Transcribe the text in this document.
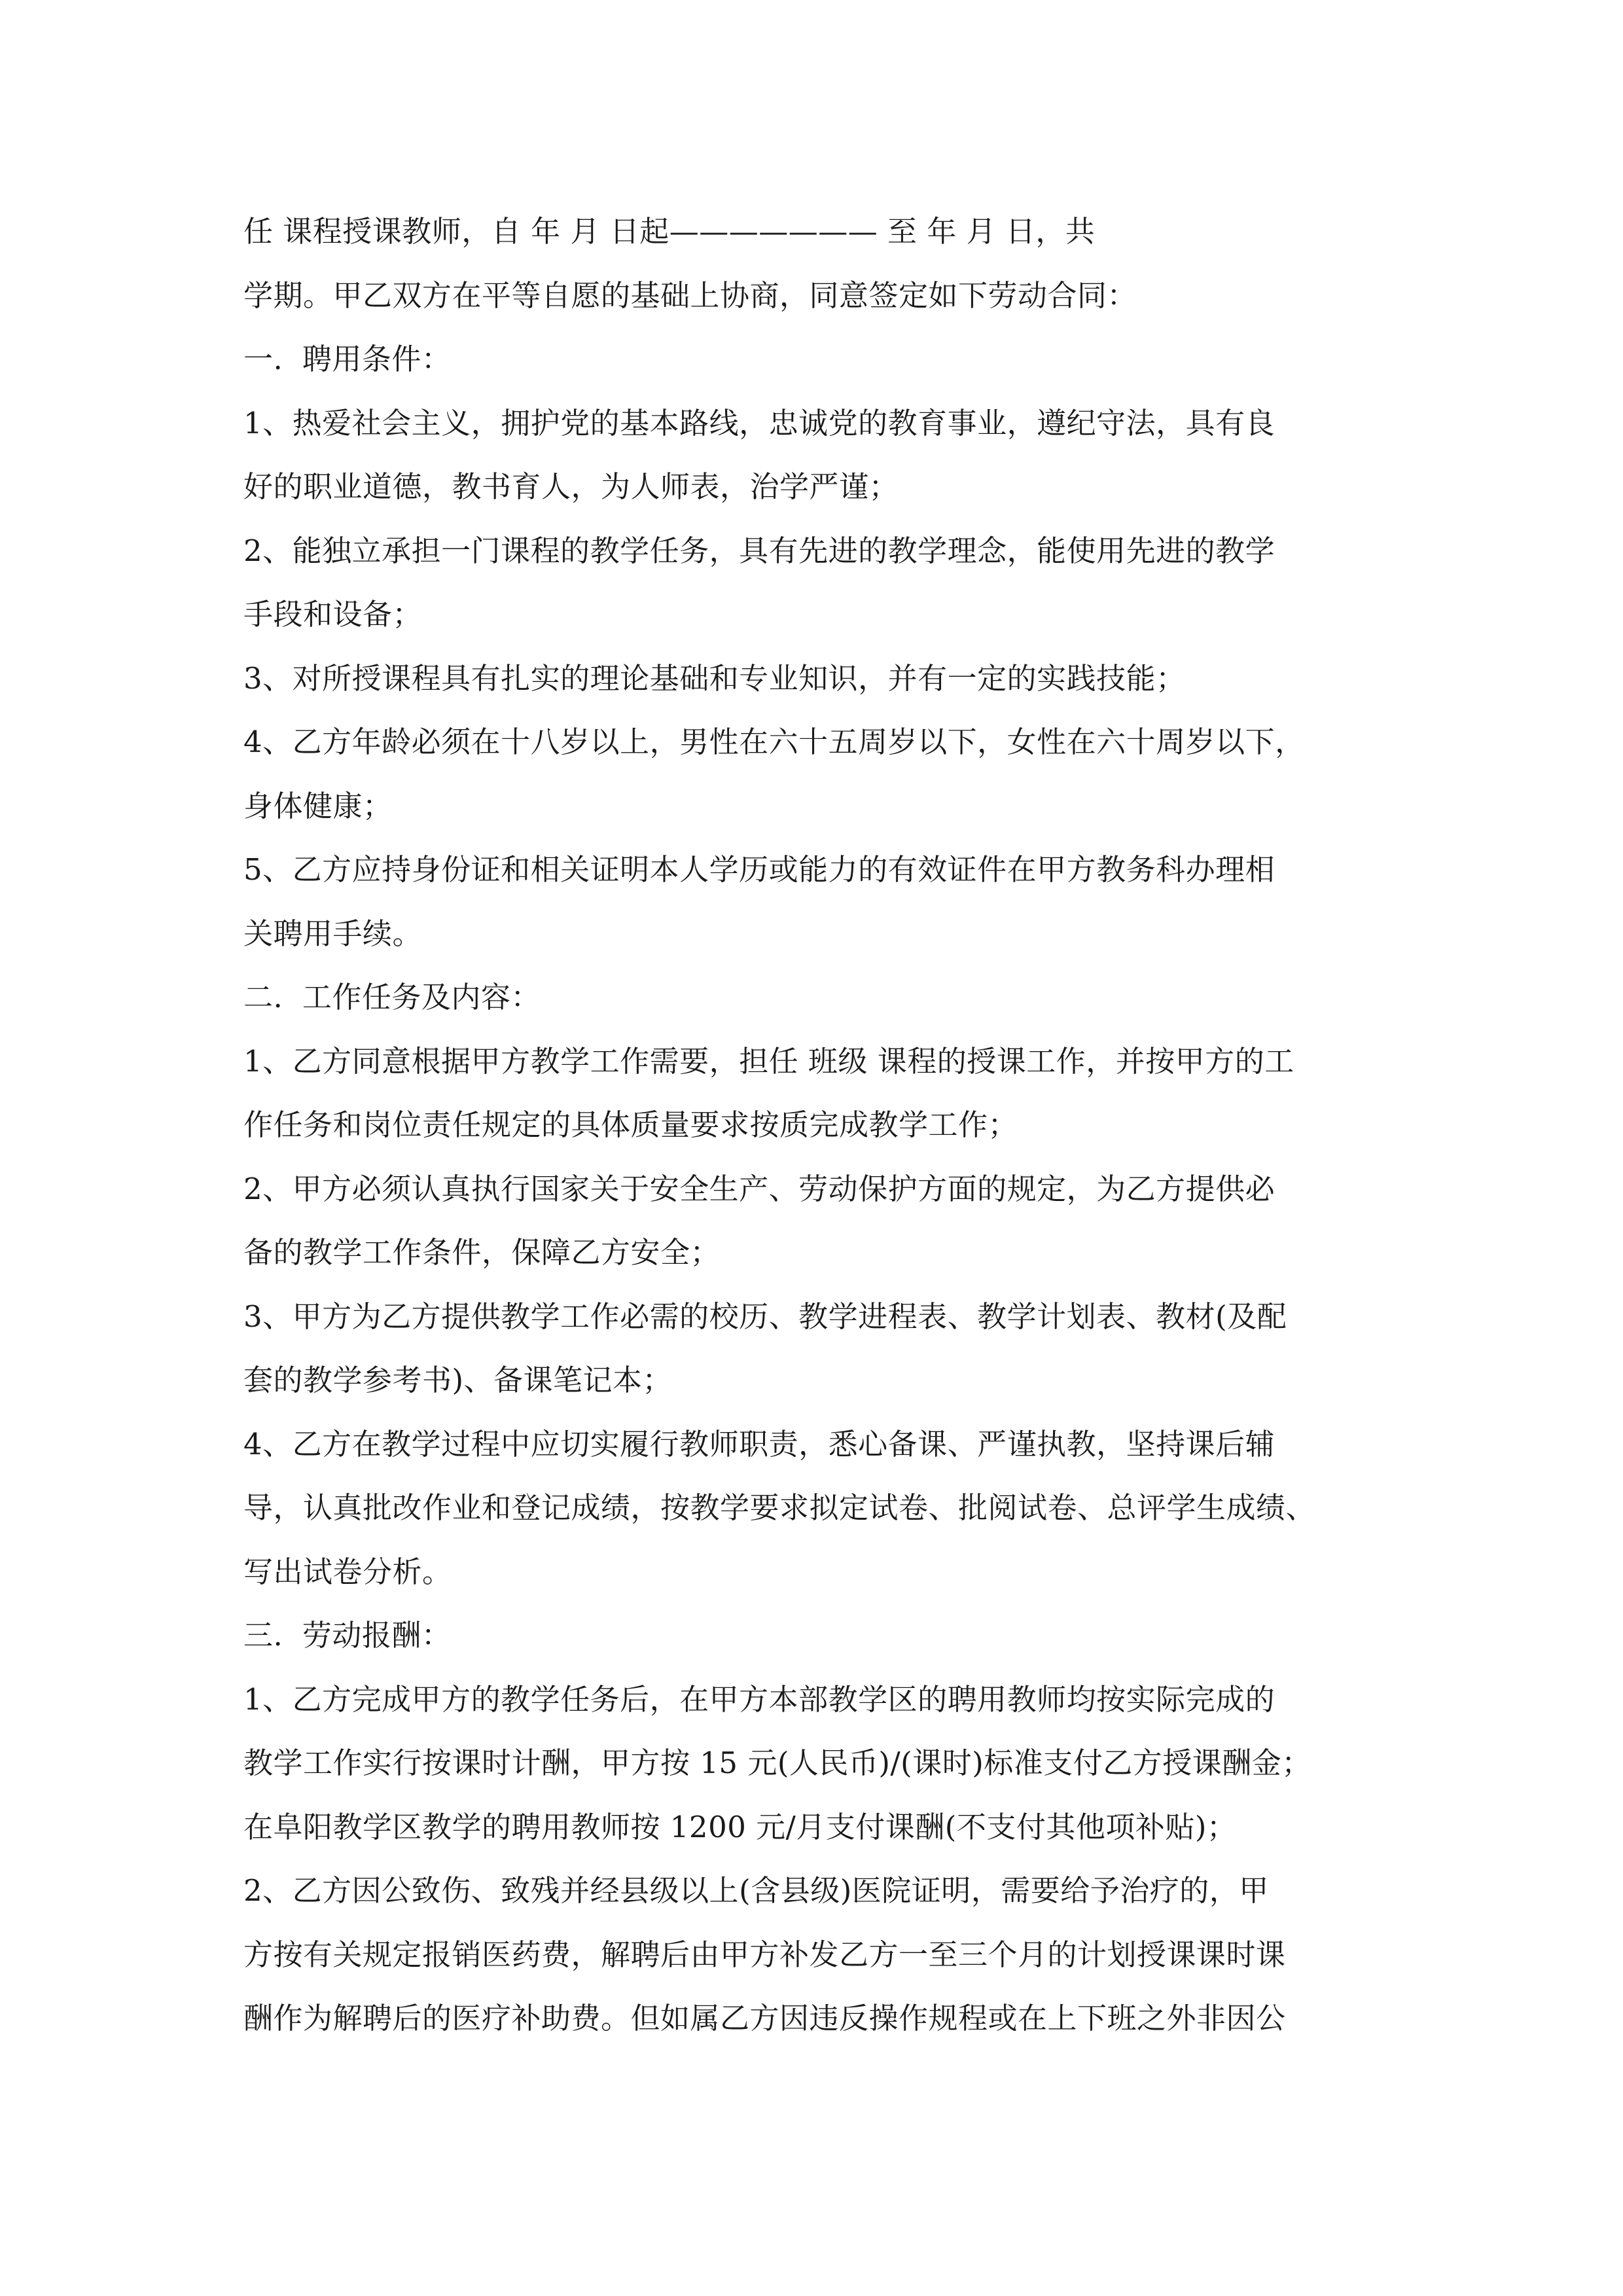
任 课程授课教师，自 年 月 日起——————— 至 年 月 日，共
学期。甲乙双方在平等自愿的基础上协商，同意签定如下劳动合同：
一.  聘用条件：
1、热爱社会主义，拥护党的基本路线，忠诚党的教育事业，遵纪守法，具有良
好的职业道德，教书育人，为人师表，治学严谨；
2、能独立承担一门课程的教学任务，具有先进的教学理念，能使用先进的教学
手段和设备；
3、对所授课程具有扎实的理论基础和专业知识，并有一定的实践技能；
4、乙方年龄必须在十八岁以上，男性在六十五周岁以下，女性在六十周岁以下，
身体健康；
5、乙方应持身份证和相关证明本人学历或能力的有效证件在甲方教务科办理相
关聘用手续。
二.  工作任务及内容：
1、乙方同意根据甲方教学工作需要，担任 班级 课程的授课工作，并按甲方的工
作任务和岗位责任规定的具体质量要求按质完成教学工作；
2、甲方必须认真执行国家关于安全生产、劳动保护方面的规定，为乙方提供必
备的教学工作条件，保障乙方安全；
3、甲方为乙方提供教学工作必需的校历、教学进程表、教学计划表、教材(及配
套的教学参考书)、备课笔记本；
4、乙方在教学过程中应切实履行教师职责，悉心备课、严谨执教，坚持课后辅
导，认真批改作业和登记成绩，按教学要求拟定试卷、批阅试卷、总评学生成绩、
写出试卷分析。
三.  劳动报酬：
1、乙方完成甲方的教学任务后，在甲方本部教学区的聘用教师均按实际完成的
教学工作实行按课时计酬，甲方按 15 元(人民币)/(课时)标准支付乙方授课酬金；
在阜阳教学区教学的聘用教师按 1200 元/月支付课酬(不支付其他项补贴)；
2、乙方因公致伤、致残并经县级以上(含县级)医院证明，需要给予治疗的，甲
方按有关规定报销医药费，解聘后由甲方补发乙方一至三个月的计划授课课时课
酬作为解聘后的医疗补助费。但如属乙方因违反操作规程或在上下班之外非因公
